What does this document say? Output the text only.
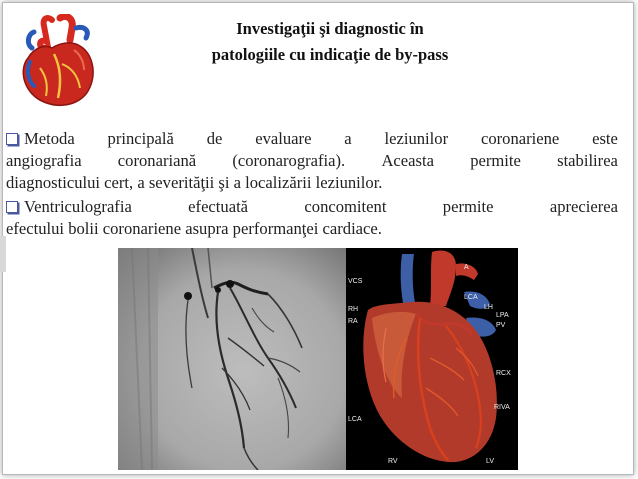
Investigaţii şi diagnostic în
patologiile cu indicaţie de by-pass
Metoda principală de evaluare a leziunilor coronariene este
angiografia coronariană (coronarografia). Aceasta permite stabilirea
diagnosticului cert, a severităţii şi a localizării leziunilor.
Ventriculografia	efectuată	concomitent	permite	aprecierea
efectului bolii coronariene asupra performanţei cardiace.
A
VCS
LCA
LH
LPA
RH
PV
RA
RCX
RIVA
LCA
RV	LV
